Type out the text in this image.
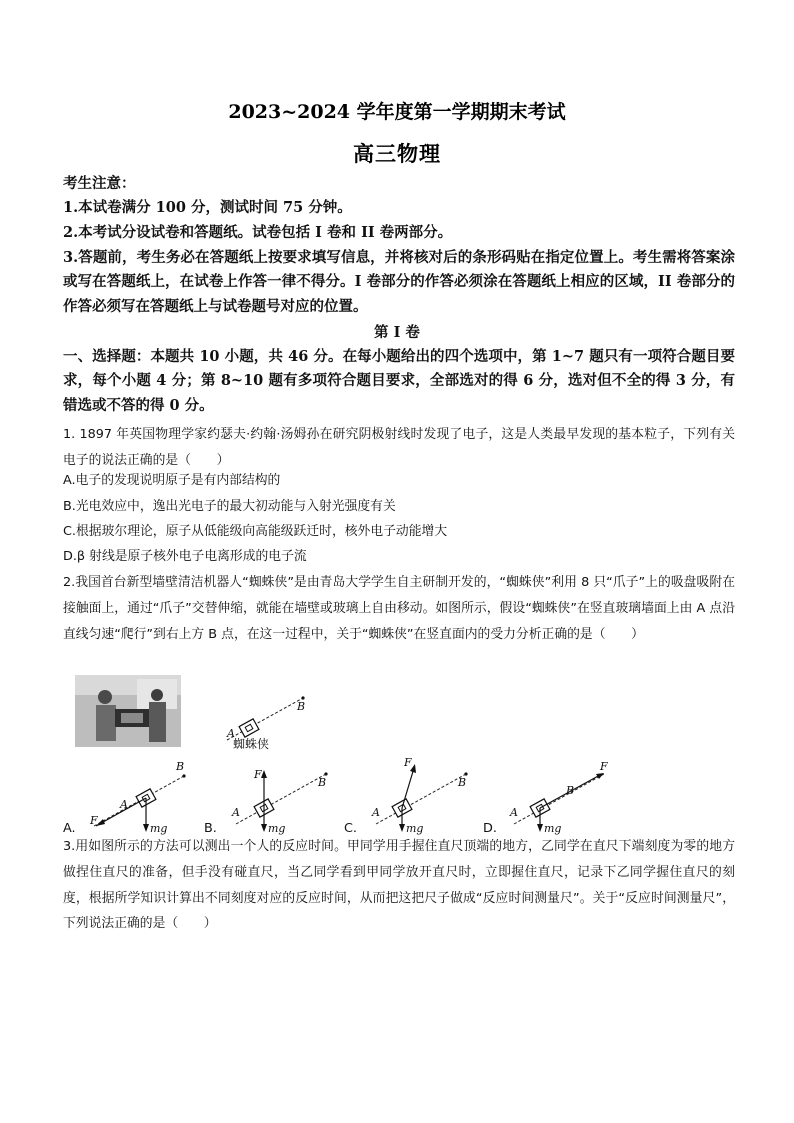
2023~2024 学年度第一学期期末考试
高三物理
考生注意：

1.本试卷满分 100 分，测试时间 75 分钟。

2.本考试分设试卷和答题纸。试卷包括 I 卷和 II 卷两部分。

3.答题前，考生务必在答题纸上按要求填写信息，并将核对后的条形码贴在指定位置上。考生需将答案涂或写在答题纸上，在试卷上作答一律不得分。I 卷部分的作答必须涂在答题纸上相应的区域，II 卷部分的作答必须写在答题纸上与试卷题号对应的位置。

第 I 卷

一、选择题：本题共 10 小题，共 46 分。在每小题给出的四个选项中，第 1~7 题只有一项符合题目要求，每个小题 4 分；第 8~10 题有多项符合题目要求，全部选对的得 6 分，选对但不全的得 3 分，有错选或不答的得 0 分。

1. 1897 年英国物理学家约瑟夫·约翰·汤姆孙在研究阴极射线时发现了电子，这是人类最早发现的基本粒子，下列有关电子的说法正确的是（　　）

A.电子的发现说明原子是有内部结构的

B.光电效应中，逸出光电子的最大初动能与入射光强度有关

C.根据玻尔理论，原子从低能级向高能级跃迁时，核外电子动能增大

D.β 射线是原子核外电子电离形成的电子流

2.我国首台新型墙壁清洁机器人“蜘蛛侠”是由青岛大学学生自主研制开发的，“蜘蛛侠”利用 8 只“爪子”上的吸盘吸附在接触面上，通过“爪子”交替伸缩，就能在墙壁或玻璃上自由移动。如图所示，假设“蜘蛛侠”在竖直玻璃墙面上由 A 点沿直线匀速“爬行”到右上方 B 点，在这一过程中，关于“蜘蛛侠”在竖直面内的受力分析正确的是（　　）

A
B
蜘蛛侠
F
A
B
mg
F
A
B
mg
F
A
B
mg
F
A
B
mg
A.	B.	C.	D.

3.用如图所示的方法可以测出一个人的反应时间。甲同学用手握住直尺顶端的地方，乙同学在直尺下端刻度为零的地方做捏住直尺的准备，但手没有碰直尺，当乙同学看到甲同学放开直尺时，立即握住直尺，记录下乙同学握住直尺的刻度，根据所学知识计算出不同刻度对应的反应时间，从而把这把尺子做成“反应时间测量尺”。关于“反应时间测量尺”，下列说法正确的是（　　）
